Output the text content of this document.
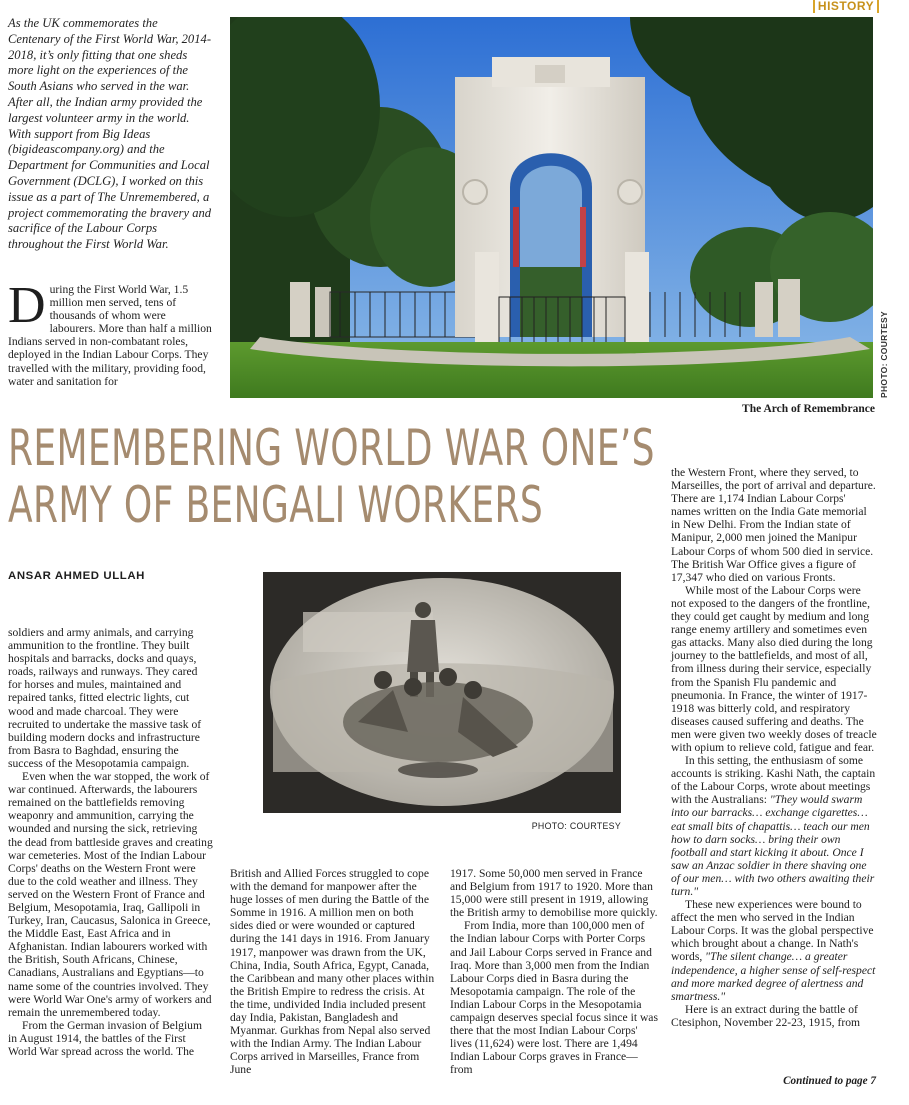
HISTORY

As the UK commemorates the Centenary of the First World War, 2014-2018, it’s only fitting that one sheds more light on the experiences of the South Asians who served in the war. After all, the Indian army provided the largest volunteer army in the world. With support from Big Ideas (bigideascompany.org) and the Department for Communities and Local Government (DCLG), I worked on this issue as a part of The Unremembered, a project commemorating the bravery and sacrifice of the Labour Corps throughout the First World War.

D uring the First World War, 1.5 million men served, tens of thousands of whom were labourers. More than half a million Indians served in non-combatant roles, deployed in the Indian Labour Corps. They travelled with the military, providing food, water and sanitation for	PHOTO: COURTESY
The Arch of Remembrance
REMEMBERING WORLD WAR ONE’S
ARMY OF BENGALI WORKERS
ANSAR AHMED ULLAH
PHOTO: COURTESY

soldiers and army animals, and carrying ammunition to the frontline. They built hospitals and barracks, docks and quays, roads, railways and runways. They cared for horses and mules, maintained and repaired tanks, fitted electric lights, cut wood and made charcoal. They were recruited to undertake the massive task of building modern docks and infrastructure from Basra to Baghdad, ensuring the success of the Mesopotamia campaign.

Even when the war stopped, the work of war continued. Afterwards, the labourers remained on the battlefields removing weaponry and ammunition, carrying the wounded and nursing the sick, retrieving the dead from battleside graves and creating war cemeteries. Most of the Indian Labour Corps' deaths on the Western Front were due to the cold weather and illness. They served on the Western Front of France and Belgium, Mesopotamia, Iraq, Gallipoli in Turkey, Iran, Caucasus, Salonica in Greece, the Middle East, East Africa and in Afghanistan. Indian labourers worked with the British, South Africans, Chinese, Canadians, Australians and Egyptians—to name some of the countries involved. They were World War One's army of workers and remain the unremembered today.

From the German invasion of Belgium in August 1914, the battles of the First World War spread across the world. The

British and Allied Forces struggled to cope with the demand for manpower after the huge losses of men during the Battle of the Somme in 1916. A million men on both sides died or were wounded or captured during the 141 days in 1916. From January 1917, manpower was drawn from the UK, China, India, South Africa, Egypt, Canada, the Caribbean and many other places within the British Empire to redress the crisis. At the time, undivided India included present day India, Pakistan, Bangladesh and Myanmar. Gurkhas from Nepal also served with the Indian Army. The Indian Labour Corps arrived in Marseilles, France from June

1917. Some 50,000 men served in France and Belgium from 1917 to 1920. More than 15,000 were still present in 1919, allowing the British army to demobilise more quickly.

From India, more than 100,000 men of the Indian labour Corps with Porter Corps and Jail Labour Corps served in France and Iraq. More than 3,000 men from the Indian Labour Corps died in Basra during the Mesopotamia campaign. The role of the Indian Labour Corps in the Mesopotamia campaign deserves special focus since it was there that the most Indian Labour Corps' lives (11,624) were lost. There are 1,494 Indian Labour Corps graves in France—from

the Western Front, where they served, to Marseilles, the port of arrival and departure. There are 1,174 Indian Labour Corps' names written on the India Gate memorial in New Delhi. From the Indian state of Manipur, 2,000 men joined the Manipur Labour Corps of whom 500 died in service. The British War Office gives a figure of 17,347 who died on various Fronts.

While most of the Labour Corps were not exposed to the dangers of the frontline, they could get caught by medium and long range enemy artillery and sometimes even gas attacks. Many also died during the long journey to the battlefields, and most of all, from illness during their service, especially from the Spanish Flu pandemic and pneumonia. In France, the winter of 1917-1918 was bitterly cold, and respiratory diseases caused suffering and deaths. The men were given two weekly doses of treacle with opium to relieve cold, fatigue and fear.

In this setting, the enthusiasm of some accounts is striking. Kashi Nath, the captain of the Labour Corps, wrote about meetings with the Australians: "They would swarm into our barracks… exchange cigarettes… eat small bits of chapattis… teach our men how to darn socks… bring their own football and start kicking it about. Once I saw an Anzac soldier in there shaving one of our men… with two others awaiting their turn."

These new experiences were bound to affect the men who served in the Indian Labour Corps. It was the global perspective which brought about a change. In Nath's words, "The silent change… a greater independence, a higher sense of self-respect and more marked degree of alertness and smartness."

Here is an extract during the battle of Ctesiphon, November 22-23, 1915, from

Continued to page 7
